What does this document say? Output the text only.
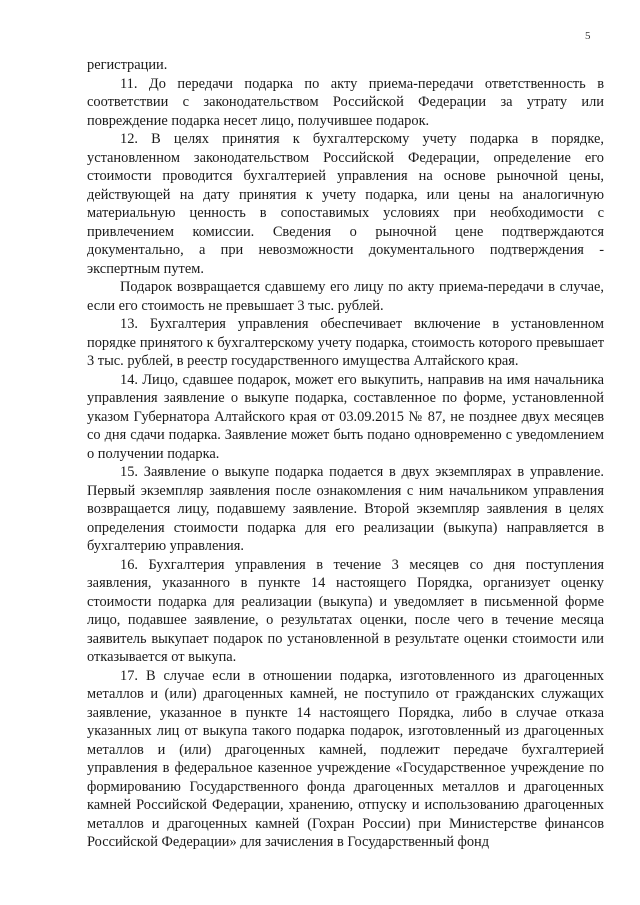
5

регистрации.

11. До передачи подарка по акту приема-передачи ответственность в соответствии с законодательством Российской Федерации за утрату или повреждение подарка несет лицо, получившее подарок.

12. В целях принятия к бухгалтерскому учету подарка в порядке, установленном законодательством Российской Федерации, определение его стоимости проводится бухгалтерией управления на основе рыночной цены, действующей на дату принятия к учету подарка, или цены на аналогичную материальную ценность в сопоставимых условиях при необходимости с привлечением комиссии. Сведения о рыночной цене подтверждаются документально, а при невозможности документального подтверждения - экспертным путем.

Подарок возвращается сдавшему его лицу по акту приема-передачи в случае, если его стоимость не превышает 3 тыс. рублей.

13. Бухгалтерия управления обеспечивает включение в установленном порядке принятого к бухгалтерскому учету подарка, стоимость которого превышает 3 тыс. рублей, в реестр государственного имущества Алтайского края.

14. Лицо, сдавшее подарок, может его выкупить, направив на имя начальника управления заявление о выкупе подарка, составленное по форме, установленной указом Губернатора Алтайского края от 03.09.2015 № 87, не позднее двух месяцев со дня сдачи подарка. Заявление может быть подано одновременно с уведомлением о получении подарка.

15. Заявление о выкупе подарка подается в двух экземплярах в управление. Первый экземпляр заявления после ознакомления с ним начальником управления возвращается лицу, подавшему заявление. Второй экземпляр заявления в целях определения стоимости подарка для его реализации (выкупа) направляется в бухгалтерию управления.

16. Бухгалтерия управления в течение 3 месяцев со дня поступления заявления, указанного в пункте 14 настоящего Порядка, организует оценку стоимости подарка для реализации (выкупа) и уведомляет в письменной форме лицо, подавшее заявление, о результатах оценки, после чего в течение месяца заявитель выкупает подарок по установленной в результате оценки стоимости или отказывается от выкупа.

17. В случае если в отношении подарка, изготовленного из драгоценных металлов и (или) драгоценных камней, не поступило от гражданских служащих заявление, указанное в пункте 14 настоящего Порядка, либо в случае отказа указанных лиц от выкупа такого подарка подарок, изготовленный из драгоценных металлов и (или) драгоценных камней, подлежит передаче бухгалтерией управления в федеральное казенное учреждение «Государственное учреждение по формированию Государственного фонда драгоценных металлов и драгоценных камней Российской Федерации, хранению, отпуску и использованию драгоценных металлов и драгоценных камней (Гохран России) при Министерстве финансов Российской Федерации» для зачисления в Государственный фонд
